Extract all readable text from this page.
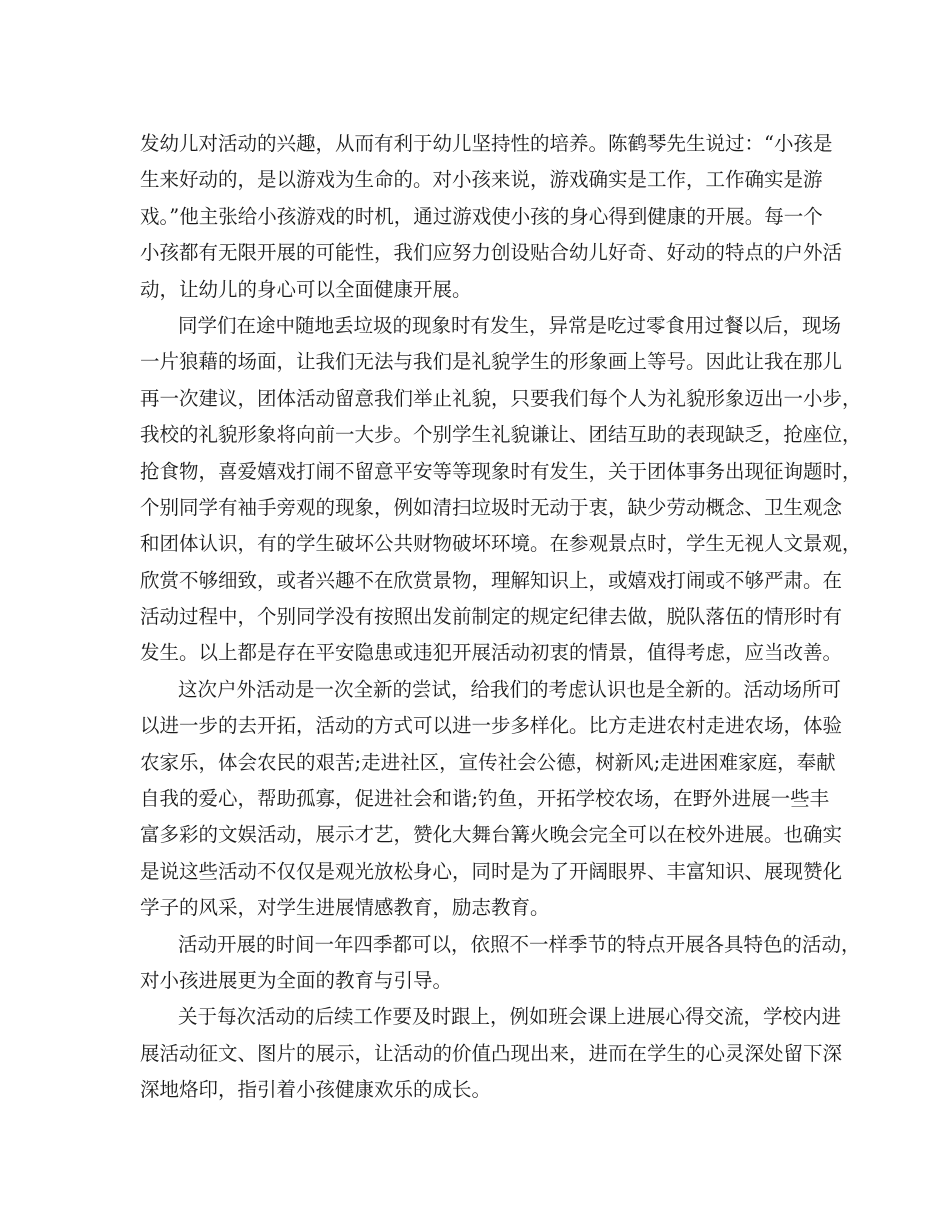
发幼儿对活动的兴趣，从而有利于幼儿坚持性的培养。陈鹤琴先生说过：“小孩是
生来好动的，是以游戏为生命的。对小孩来说，游戏确实是工作，工作确实是游
戏。”他主张给小孩游戏的时机，通过游戏使小孩的身心得到健康的开展。每一个
小孩都有无限开展的可能性，我们应努力创设贴合幼儿好奇、好动的特点的户外活
动，让幼儿的身心可以全面健康开展。
同学们在途中随地丢垃圾的现象时有发生，异常是吃过零食用过餐以后，现场
一片狼藉的场面，让我们无法与我们是礼貌学生的形象画上等号。因此让我在那儿
再一次建议，团体活动留意我们举止礼貌，只要我们每个人为礼貌形象迈出一小步，
我校的礼貌形象将向前一大步。个别学生礼貌谦让、团结互助的表现缺乏，抢座位，
抢食物，喜爱嬉戏打闹不留意平安等等现象时有发生，关于团体事务出现征询题时，
个别同学有袖手旁观的现象，例如清扫垃圾时无动于衷，缺少劳动概念、卫生观念
和团体认识，有的学生破坏公共财物破坏环境。在参观景点时，学生无视人文景观，
欣赏不够细致，或者兴趣不在欣赏景物，理解知识上，或嬉戏打闹或不够严肃。在
活动过程中，个别同学没有按照出发前制定的规定纪律去做，脱队落伍的情形时有
发生。以上都是存在平安隐患或违犯开展活动初衷的情景，值得考虑，应当改善。
这次户外活动是一次全新的尝试，给我们的考虑认识也是全新的。活动场所可
以进一步的去开拓，活动的方式可以进一步多样化。比方走进农村走进农场，体验
农家乐，体会农民的艰苦;走进社区，宣传社会公德，树新风;走进困难家庭，奉献
自我的爱心，帮助孤寡，促进社会和谐;钓鱼，开拓学校农场，在野外进展一些丰
富多彩的文娱活动，展示才艺，赞化大舞台篝火晚会完全可以在校外进展。也确实
是说这些活动不仅仅是观光放松身心，同时是为了开阔眼界、丰富知识、展现赞化
学子的风采，对学生进展情感教育，励志教育。
活动开展的时间一年四季都可以，依照不一样季节的特点开展各具特色的活动，
对小孩进展更为全面的教育与引导。
关于每次活动的后续工作要及时跟上，例如班会课上进展心得交流，学校内进
展活动征文、图片的展示，让活动的价值凸现出来，进而在学生的心灵深处留下深
深地烙印，指引着小孩健康欢乐的成长。
